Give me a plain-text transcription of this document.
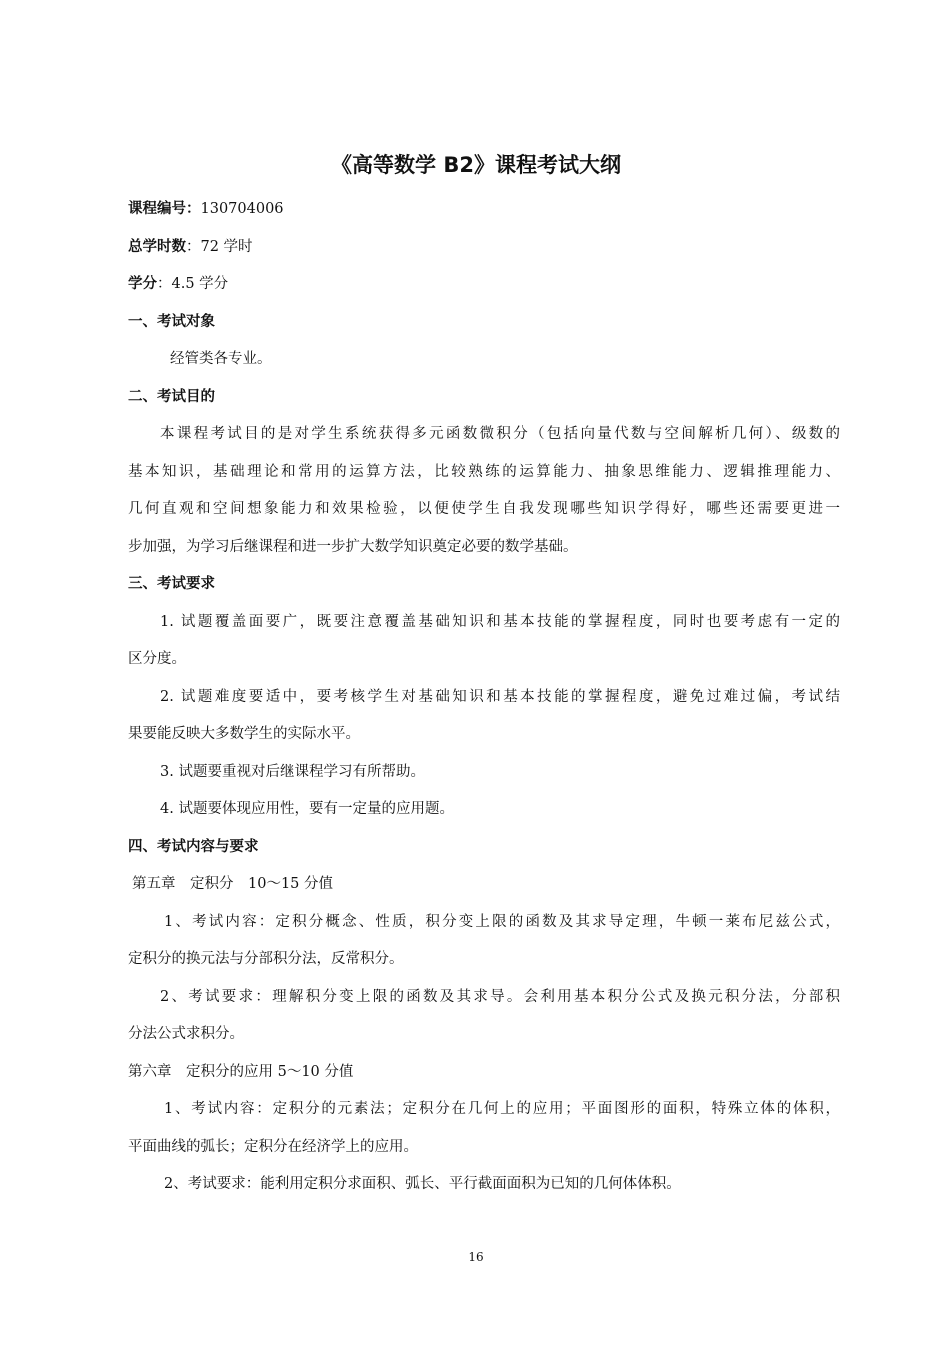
《高等数学 B2》课程考试大纲
课程编号：130704006
总学时数：72 学时
学分：4.5 学分
一、考试对象
经管类各专业。
二、考试目的
本课程考试目的是对学生系统获得多元函数微积分（包括向量代数与空间解析几何）、级数的
基本知识，基础理论和常用的运算方法，比较熟练的运算能力、抽象思维能力、逻辑推理能力、
几何直观和空间想象能力和效果检验，以便使学生自我发现哪些知识学得好，哪些还需要更进一
步加强，为学习后继课程和进一步扩大数学知识奠定必要的数学基础。
三、考试要求
1. 试题覆盖面要广，既要注意覆盖基础知识和基本技能的掌握程度，同时也要考虑有一定的
区分度。
2. 试题难度要适中，要考核学生对基础知识和基本技能的掌握程度，避免过难过偏，考试结
果要能反映大多数学生的实际水平。
3. 试题要重视对后继课程学习有所帮助。
4. 试题要体现应用性，要有一定量的应用题。
四、考试内容与要求
第五章　定积分　10～15 分值
1、考试内容：定积分概念、性质，积分变上限的函数及其求导定理，牛顿一莱布尼兹公式，
定积分的换元法与分部积分法，反常积分。
2、考试要求：理解积分变上限的函数及其求导。会利用基本积分公式及换元积分法，分部积
分法公式求积分。
第六章　定积分的应用 5～10 分值
1、考试内容：定积分的元素法；定积分在几何上的应用；平面图形的面积，特殊立体的体积，
平面曲线的弧长；定积分在经济学上的应用。
2、考试要求：能利用定积分求面积、弧长、平行截面面积为已知的几何体体积。
16
